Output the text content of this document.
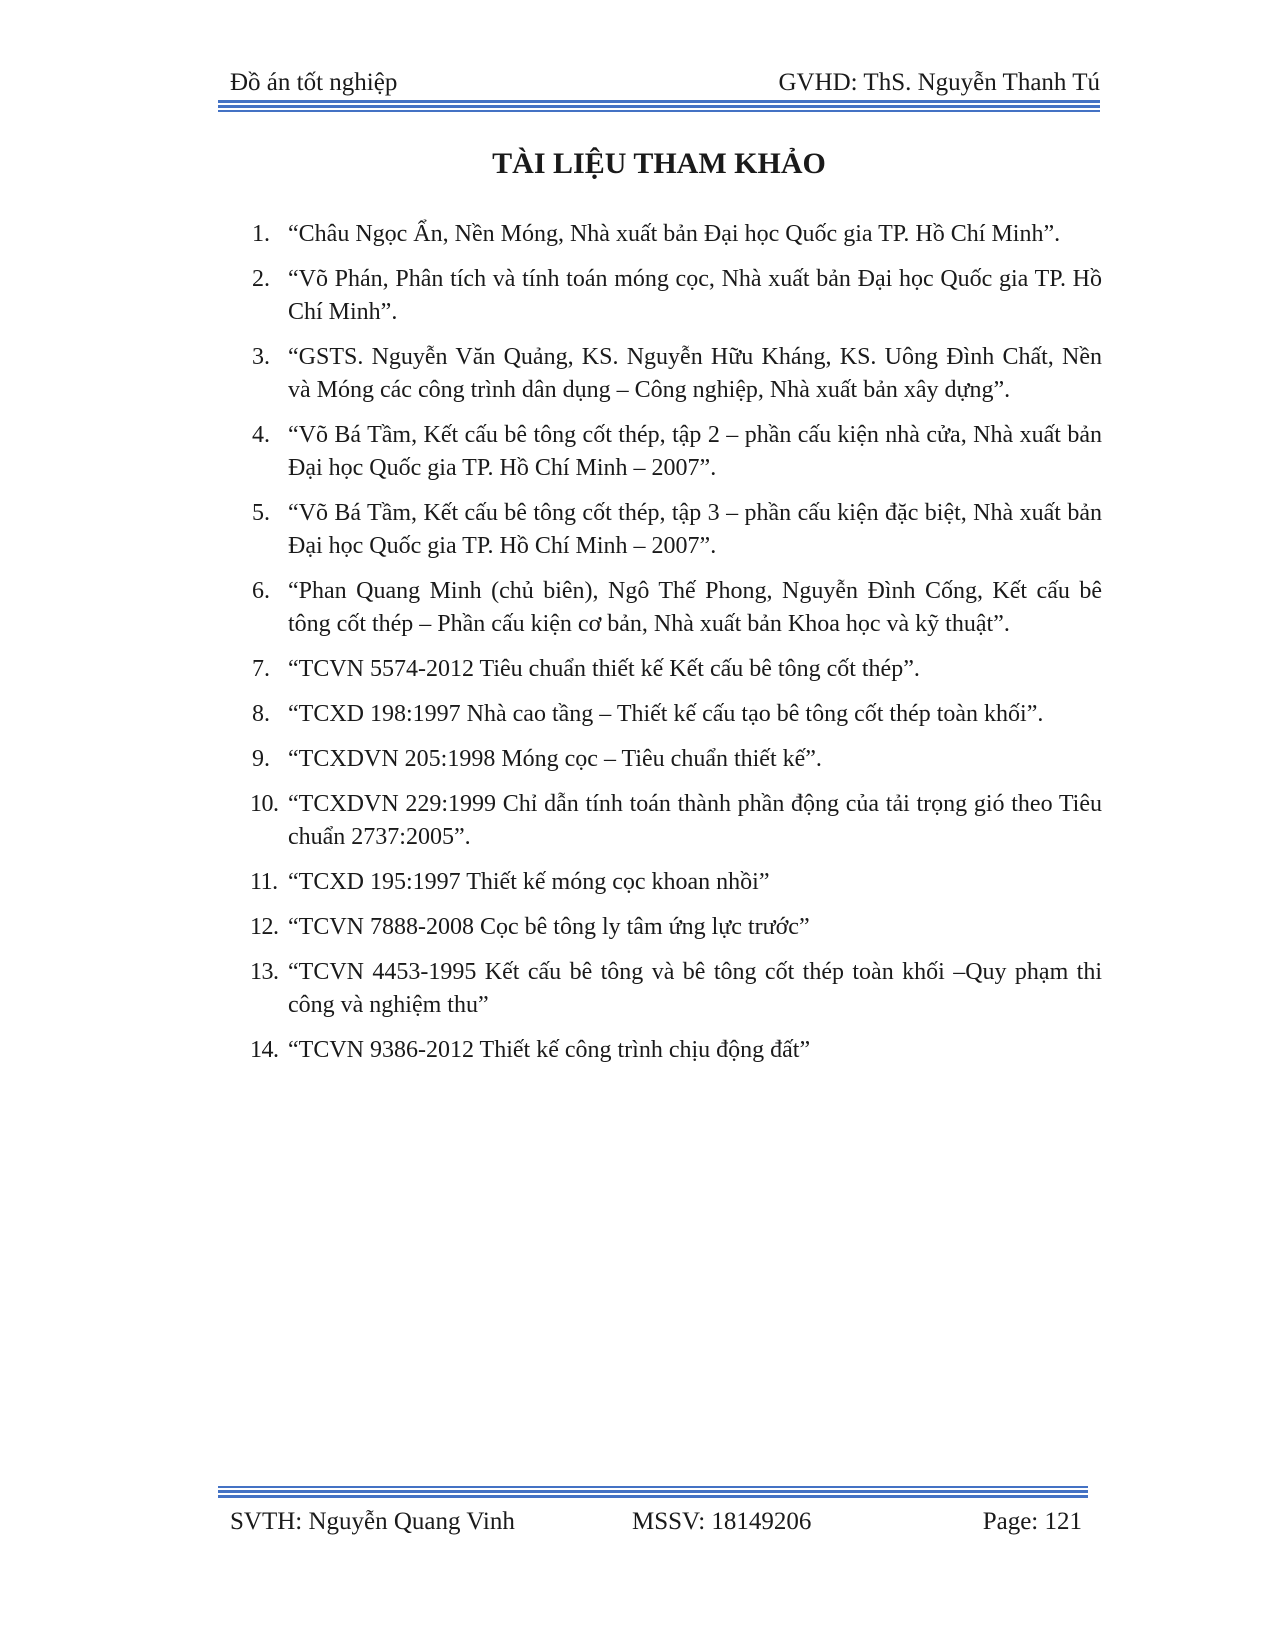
Đồ án tốt nghiệp	GVHD: ThS. Nguyễn Thanh Tú
TÀI LIỆU THAM KHẢO
1. “Châu Ngọc Ẩn, Nền Móng, Nhà xuất bản Đại học Quốc gia TP. Hồ Chí Minh”.
2. “Võ Phán, Phân tích và tính toán móng cọc, Nhà xuất bản Đại học Quốc gia TP. Hồ Chí Minh”.
3. “GSTS. Nguyễn Văn Quảng, KS. Nguyễn Hữu Kháng, KS. Uông Đình Chất, Nền và Móng các công trình dân dụng – Công nghiệp, Nhà xuất bản xây dựng”.
4. “Võ Bá Tầm, Kết cấu bê tông cốt thép, tập 2 – phần cấu kiện nhà cửa, Nhà xuất bản Đại học Quốc gia TP. Hồ Chí Minh – 2007”.
5. “Võ Bá Tầm, Kết cấu bê tông cốt thép, tập 3 – phần cấu kiện đặc biệt, Nhà xuất bản Đại học Quốc gia TP. Hồ Chí Minh – 2007”.
6. “Phan Quang Minh (chủ biên), Ngô Thế Phong, Nguyễn Đình Cống, Kết cấu bê tông cốt thép – Phần cấu kiện cơ bản, Nhà xuất bản Khoa học và kỹ thuật”.
7. “TCVN 5574-2012 Tiêu chuẩn thiết kế Kết cấu bê tông cốt thép”.
8. “TCXD 198:1997 Nhà cao tầng – Thiết kế cấu tạo bê tông cốt thép toàn khối”.
9. “TCXDVN 205:1998 Móng cọc – Tiêu chuẩn thiết kế”.
10. “TCXDVN 229:1999 Chỉ dẫn tính toán thành phần động của tải trọng gió theo Tiêu chuẩn 2737:2005”.
11. “TCXD 195:1997 Thiết kế móng cọc khoan nhồi”
12. “TCVN 7888-2008 Cọc bê tông ly tâm ứng lực trước”
13. “TCVN 4453-1995 Kết cấu bê tông và bê tông cốt thép toàn khối –Quy phạm thi công và nghiệm thu”
14. “TCVN 9386-2012 Thiết kế công trình chịu động đất”
SVTH: Nguyễn Quang Vinh	MSSV: 18149206	Page: 121
